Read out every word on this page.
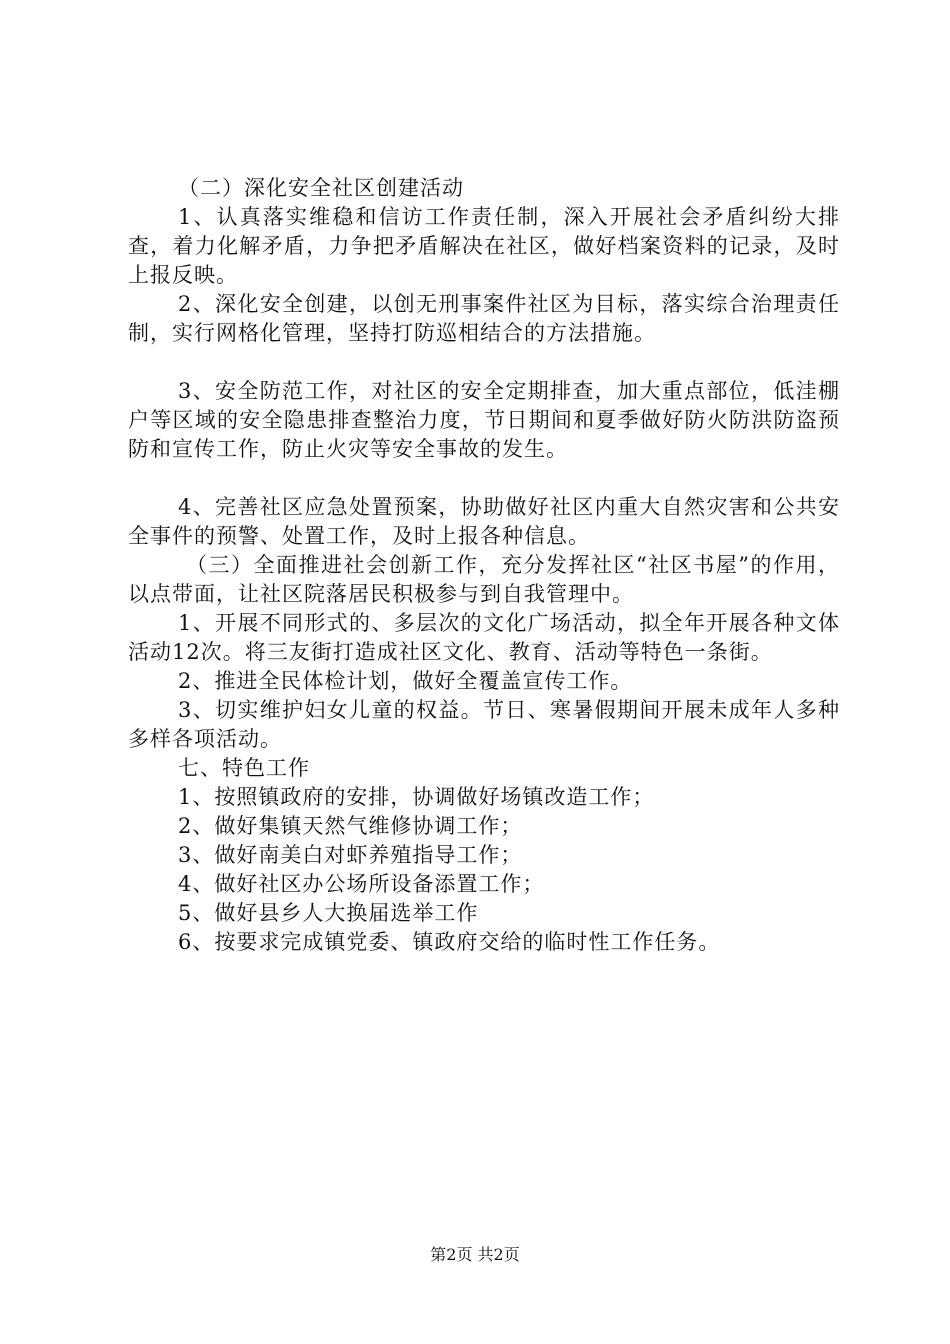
（二）深化安全社区创建活动

1、认真落实维稳和信访工作责任制，深入开展社会矛盾纠纷大排查，着力化解矛盾，力争把矛盾解决在社区，做好档案资料的记录，及时上报反映。

2、深化安全创建，以创无刑事案件社区为目标，落实综合治理责任制，实行网格化管理，坚持打防巡相结合的方法措施。

3、安全防范工作，对社区的安全定期排查，加大重点部位，低洼棚户等区域的安全隐患排查整治力度，节日期间和夏季做好防火防洪防盗预防和宣传工作，防止火灾等安全事故的发生。

4、完善社区应急处置预案，协助做好社区内重大自然灾害和公共安全事件的预警、处置工作，及时上报各种信息。

（三）全面推进社会创新工作，充分发挥社区“社区书屋”的作用，以点带面，让社区院落居民积极参与到自我管理中。

1、开展不同形式的、多层次的文化广场活动，拟全年开展各种文体活动12次。将三友街打造成社区文化、教育、活动等特色一条街。

2、推进全民体检计划，做好全覆盖宣传工作。

3、切实维护妇女儿童的权益。节日、寒暑假期间开展未成年人多种多样各项活动。

七、特色工作

1、按照镇政府的安排，协调做好场镇改造工作；

2、做好集镇天然气维修协调工作；

3、做好南美白对虾养殖指导工作；

4、做好社区办公场所设备添置工作；

5、做好县乡人大换届选举工作

6、按要求完成镇党委、镇政府交给的临时性工作任务。

第2页 共2页
